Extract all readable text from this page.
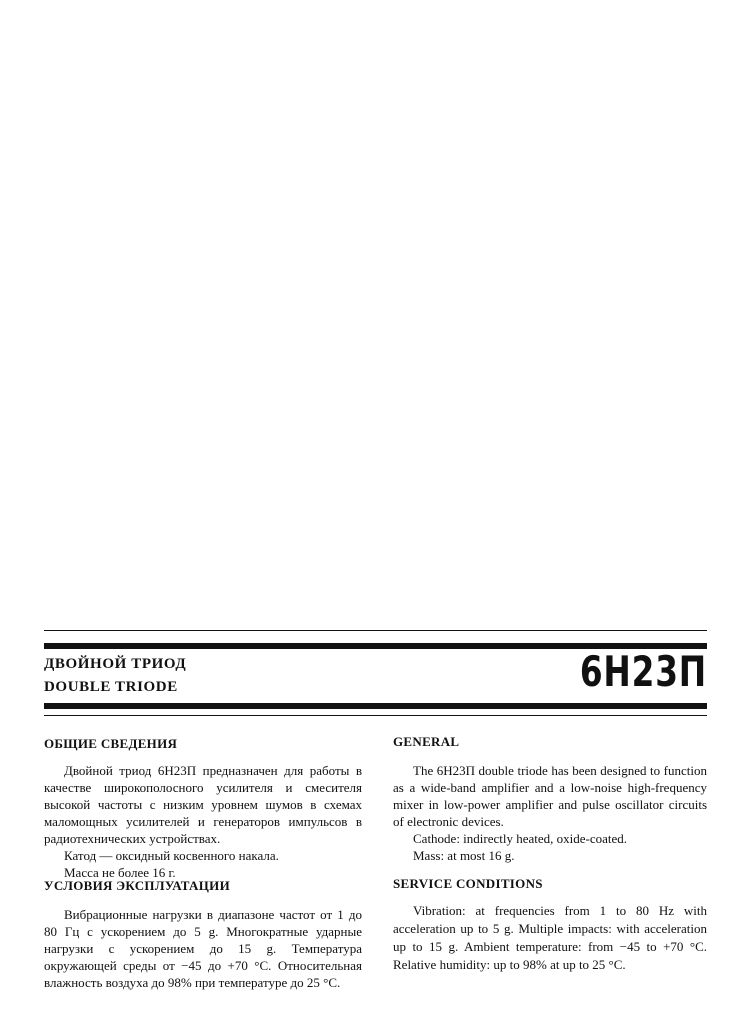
ДВОЙНОЙ ТРИОД
DOUBLE TRIODE	6Н23П
ОБЩИЕ СВЕДЕНИЯ

Двойной триод 6Н23П предназначен для работы в качестве широкополосного усилителя и смесителя высокой частоты с низким уровнем шумов в схемах маломощных усилителей и генераторов импульсов в радиотехнических устройствах.

Катод — оксидный косвенного накала.

Масса не более 16 г.

УСЛОВИЯ ЭКСПЛУАТАЦИИ

Вибрационные нагрузки в диапазоне частот от 1 до 80 Гц с ускорением до 5 g. Многократные ударные нагрузки с ускорением до 15 g. Температура окружающей среды от −45 до +70 °С. Относительная влажность воздуха до 98% при температуре до 25 °С.

GENERAL

The 6Н23П double triode has been designed to function as a wide-band amplifier and a low-noise high-frequency mixer in low-power amplifier and pulse oscillator circuits of electronic devices.

Cathode: indirectly heated, oxide-coated.

Mass: at most 16 g.

SERVICE CONDITIONS

Vibration: at frequencies from 1 to 80 Hz with acceleration up to 5 g. Multiple impacts: with acceleration up to 15 g. Ambient temperature: from −45 to +70 °C. Relative humidity: up to 98% at up to 25 °C.
